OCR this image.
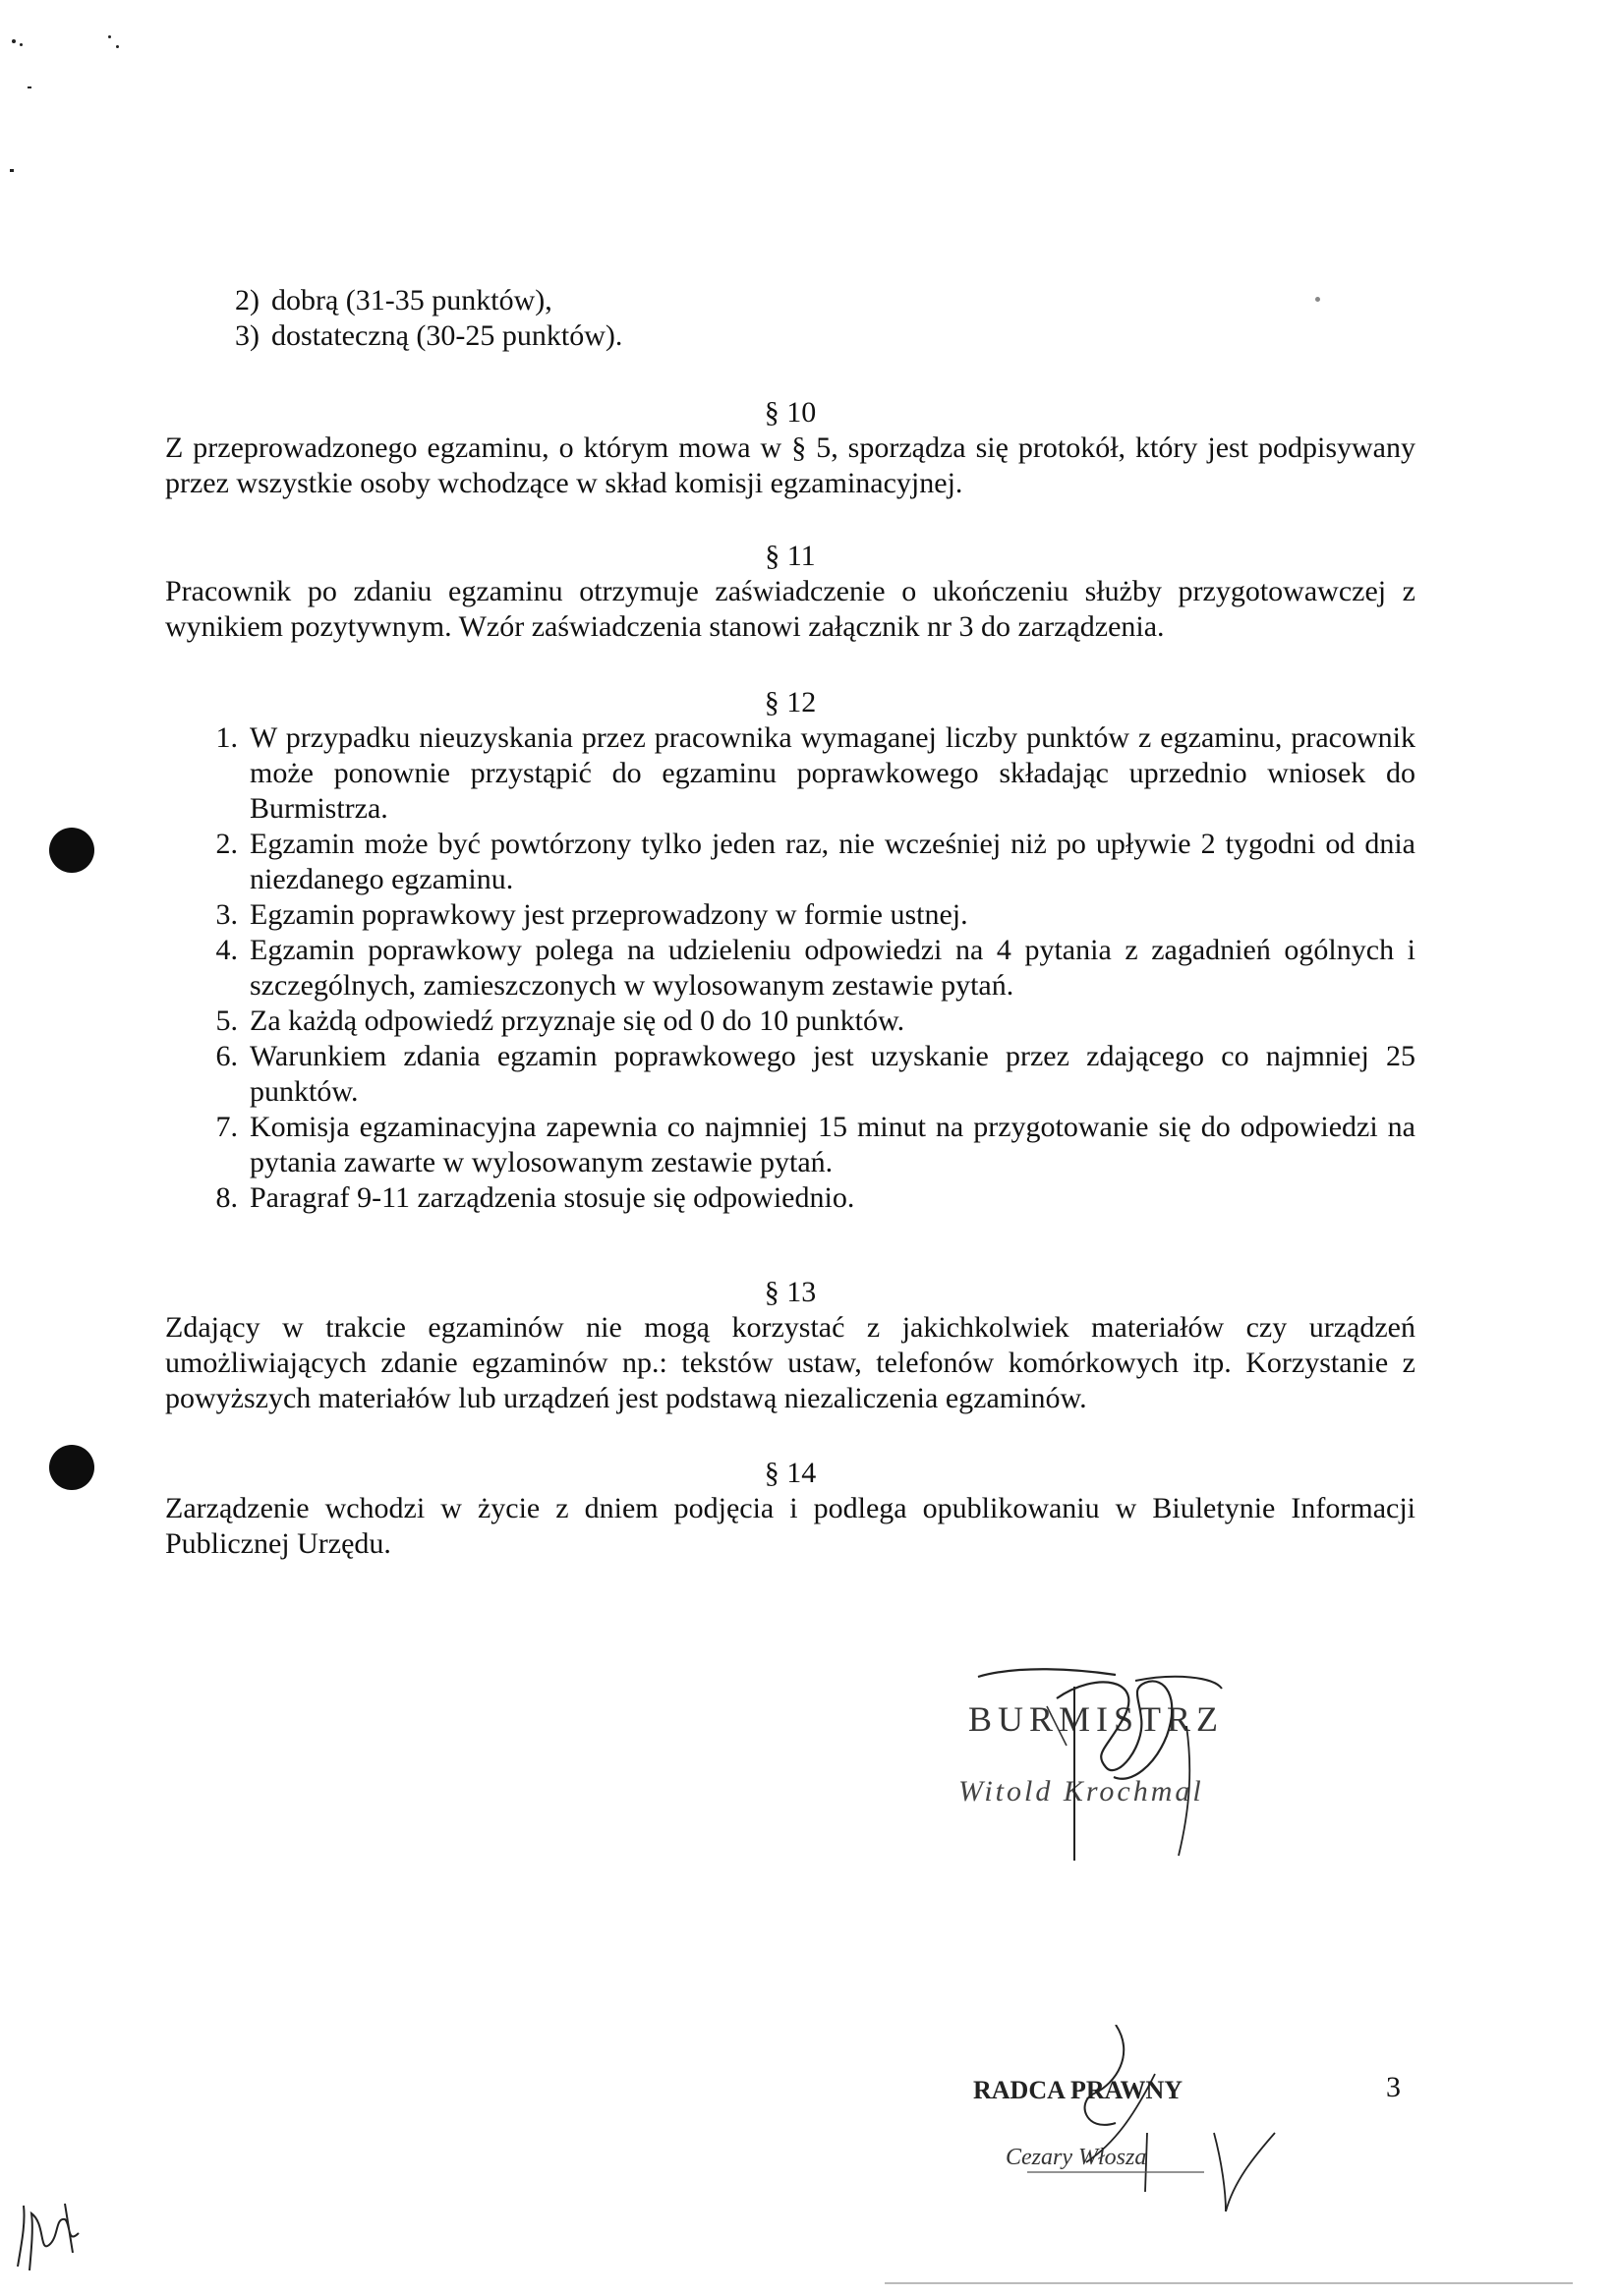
2) dobrą (31-35 punktów),
3) dostateczną (30-25 punktów).
§ 10
Z przeprowadzonego egzaminu, o którym mowa w § 5, sporządza się protokół, który jest podpisywany przez wszystkie osoby wchodzące w skład komisji egzaminacyjnej.
§ 11
Pracownik po zdaniu egzaminu otrzymuje zaświadczenie o ukończeniu służby przygotowawczej z wynikiem pozytywnym. Wzór zaświadczenia stanowi załącznik nr 3 do zarządzenia.
§ 12
1. W przypadku nieuzyskania przez pracownika wymaganej liczby punktów z egzaminu, pracownik może ponownie przystąpić do egzaminu poprawkowego składając uprzednio wniosek do Burmistrza.
2. Egzamin może być powtórzony tylko jeden raz, nie wcześniej niż po upływie 2 tygodni od dnia niezdanego egzaminu.
3. Egzamin poprawkowy jest przeprowadzony w formie ustnej.
4. Egzamin poprawkowy polega na udzieleniu odpowiedzi na 4 pytania z zagadnień ogólnych i szczególnych, zamieszczonych w wylosowanym zestawie pytań.
5. Za każdą odpowiedź przyznaje się od 0 do 10 punktów.
6. Warunkiem zdania egzamin poprawkowego jest uzyskanie przez zdającego co najmniej 25 punktów.
7. Komisja egzaminacyjna zapewnia co najmniej 15 minut na przygotowanie się do odpowiedzi na pytania zawarte w wylosowanym zestawie pytań.
8. Paragraf 9-11 zarządzenia stosuje się odpowiednio.
§ 13
Zdający w trakcie egzaminów nie mogą korzystać z jakichkolwiek materiałów czy urządzeń umożliwiających zdanie egzaminów np.: tekstów ustaw, telefonów komórkowych itp. Korzystanie z powyższych materiałów lub urządzeń jest podstawą niezaliczenia egzaminów.
§ 14
Zarządzenie wchodzi w życie z dniem podjęcia i podlega opublikowaniu w Biuletynie Informacji Publicznej Urzędu.
BURMISTRZ
Witold Krochmal
RADCA PRAWNY
Cezary Włosza
3
